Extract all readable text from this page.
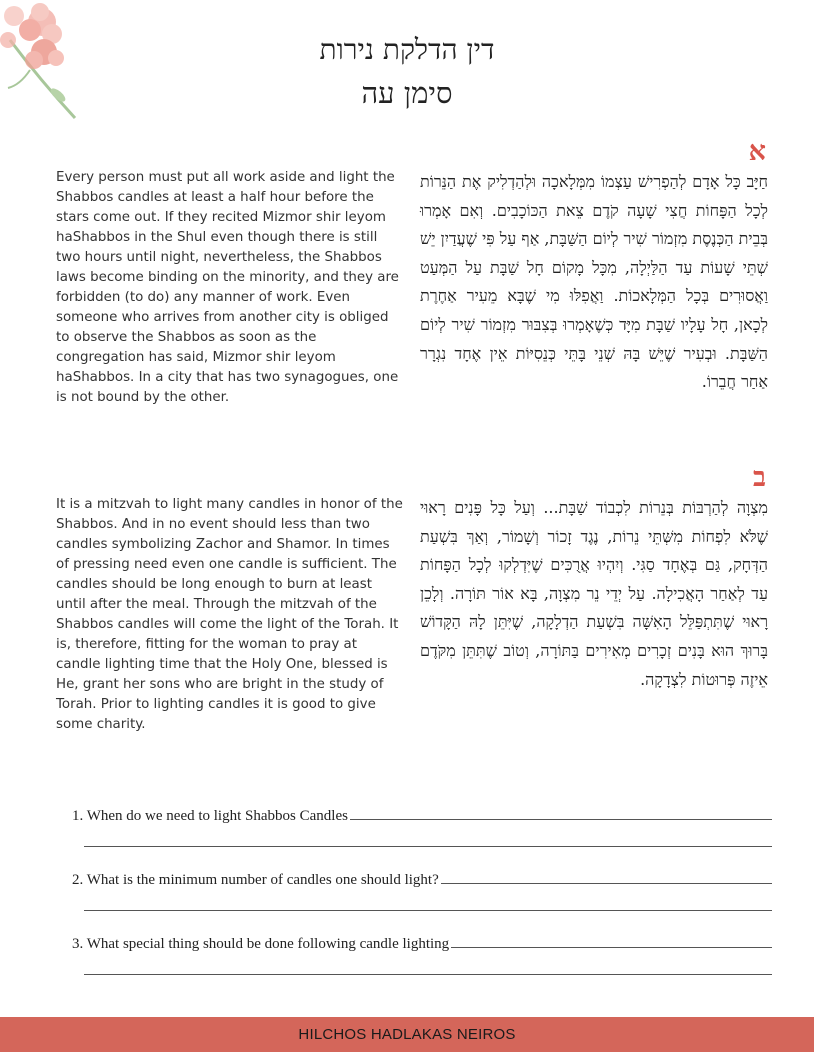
דין הדלקת נירות
סימן עה
א
חַיָּב כָּל אָדָם לְהַפְרִישׁ עַצְמוֹ מִמְּלָאכָה וּלְהַדְלִיק אֶת הַנֵּרוֹת לְכָל הַפָּחוֹת חֲצִי שָׁעָה קֹדֶם צֵאת הַכּוֹכָבִים. וְאִם אָמְרוּ בְּבֵית הַכְּנֶסֶת מִזְמוֹר שִׁיר לְיוֹם הַשַּׁבָּת, אַף עַל פִּי שֶׁעֲדַיִן יֵשׁ שְׁתֵּי שָׁעוֹת עַד הַלַּיְלָה, מִכָּל מָקוֹם חָל שַׁבָּת עַל הַמְּעַט וַאֲסוּרִים בְּכָל הַמְּלָאכוֹת. וַאֲפִלּוּ מִי שֶׁבָּא מֵעִיר אַחֶרֶת לְכָאן, חָל עָלָיו שַׁבָּת מִיָּד כְּשֶׁאָמְרוּ בְּצִבּוּר מִזְמוֹר שִׁיר לְיוֹם הַשַּׁבָּת. וּבְעִיר שֶׁיֵּשׁ בָּהּ שְׁנֵי בָּתֵּי כְּנֵסִיּוֹת אֵין אֶחָד נִגְרָר אַחַר חֲבֵרוֹ.
Every person must put all work aside and light the Shabbos candles at least a half hour before the stars come out. If they recited Mizmor shir leyom haShabbos in the Shul even though there is still two hours until night, nevertheless, the Shabbos laws become binding on the minority, and they are forbidden (to do) any manner of work. Even someone who arrives from another city is obliged to observe the Shabbos as soon as the congregation has said, Mizmor shir leyom haShabbos. In a city that has two synagogues, one is not bound by the other.
ב
מִצְוָה לְהַרְבּוֹת בְּנֵרוֹת לִכְבוֹד שַׁבָּת... וְעַל כָּל פָּנִים רָאוּי שֶׁלֹּא לִפְחוֹת מִשְּׁתֵּי נֵרוֹת, נֶגֶד זָכוֹר וְשָׁמוֹר, וְאַךְ בִּשְׁעַת הַדְּחָק, גַּם בְּאֶחָד סַגִּי. וְיִהְיוּ אֲרֻכִּים שֶׁיִּדְלְקוּ לְכָל הַפָּחוֹת עַד לְאַחַר הָאֲכִילָה. עַל יְדֵי נֵר מִצְוָה, בָּא אוֹר תּוֹרָה. וְלָכֵן רָאוּי שֶׁתִּתְפַּלֵּל הָאִשָּׁה בִּשְׁעַת הַדְלָקָה, שֶׁיִּתֵּן לָהּ הַקָּדוֹשׁ בָּרוּךְ הוּא בָּנִים זְכָרִים מְאִירִים בַּתּוֹרָה, וְטוֹב שֶׁתִּתֵּן מִקֹּדֶם אֵיזֶה פְּרוּטוֹת לִצְדָקָה.
It is a mitzvah to light many candles in honor of the Shabbos. And in no event should less than two candles symbolizing Zachor and Shamor. In times of pressing need even one candle is sufficient. The candles should be long enough to burn at least until after the meal. Through the mitzvah of the Shabbos candles will come the light of the Torah. It is, therefore, fitting for the woman to pray at candle lighting time that the Holy One, blessed is He, grant her sons who are bright in the study of Torah. Prior to lighting candles it is good to give some charity.
1. When do we need to light Shabbos Candles
2. What is the minimum number of candles one should light?
3. What special thing should be done following candle lighting
HILCHOS HADLAKAS NEIROS
